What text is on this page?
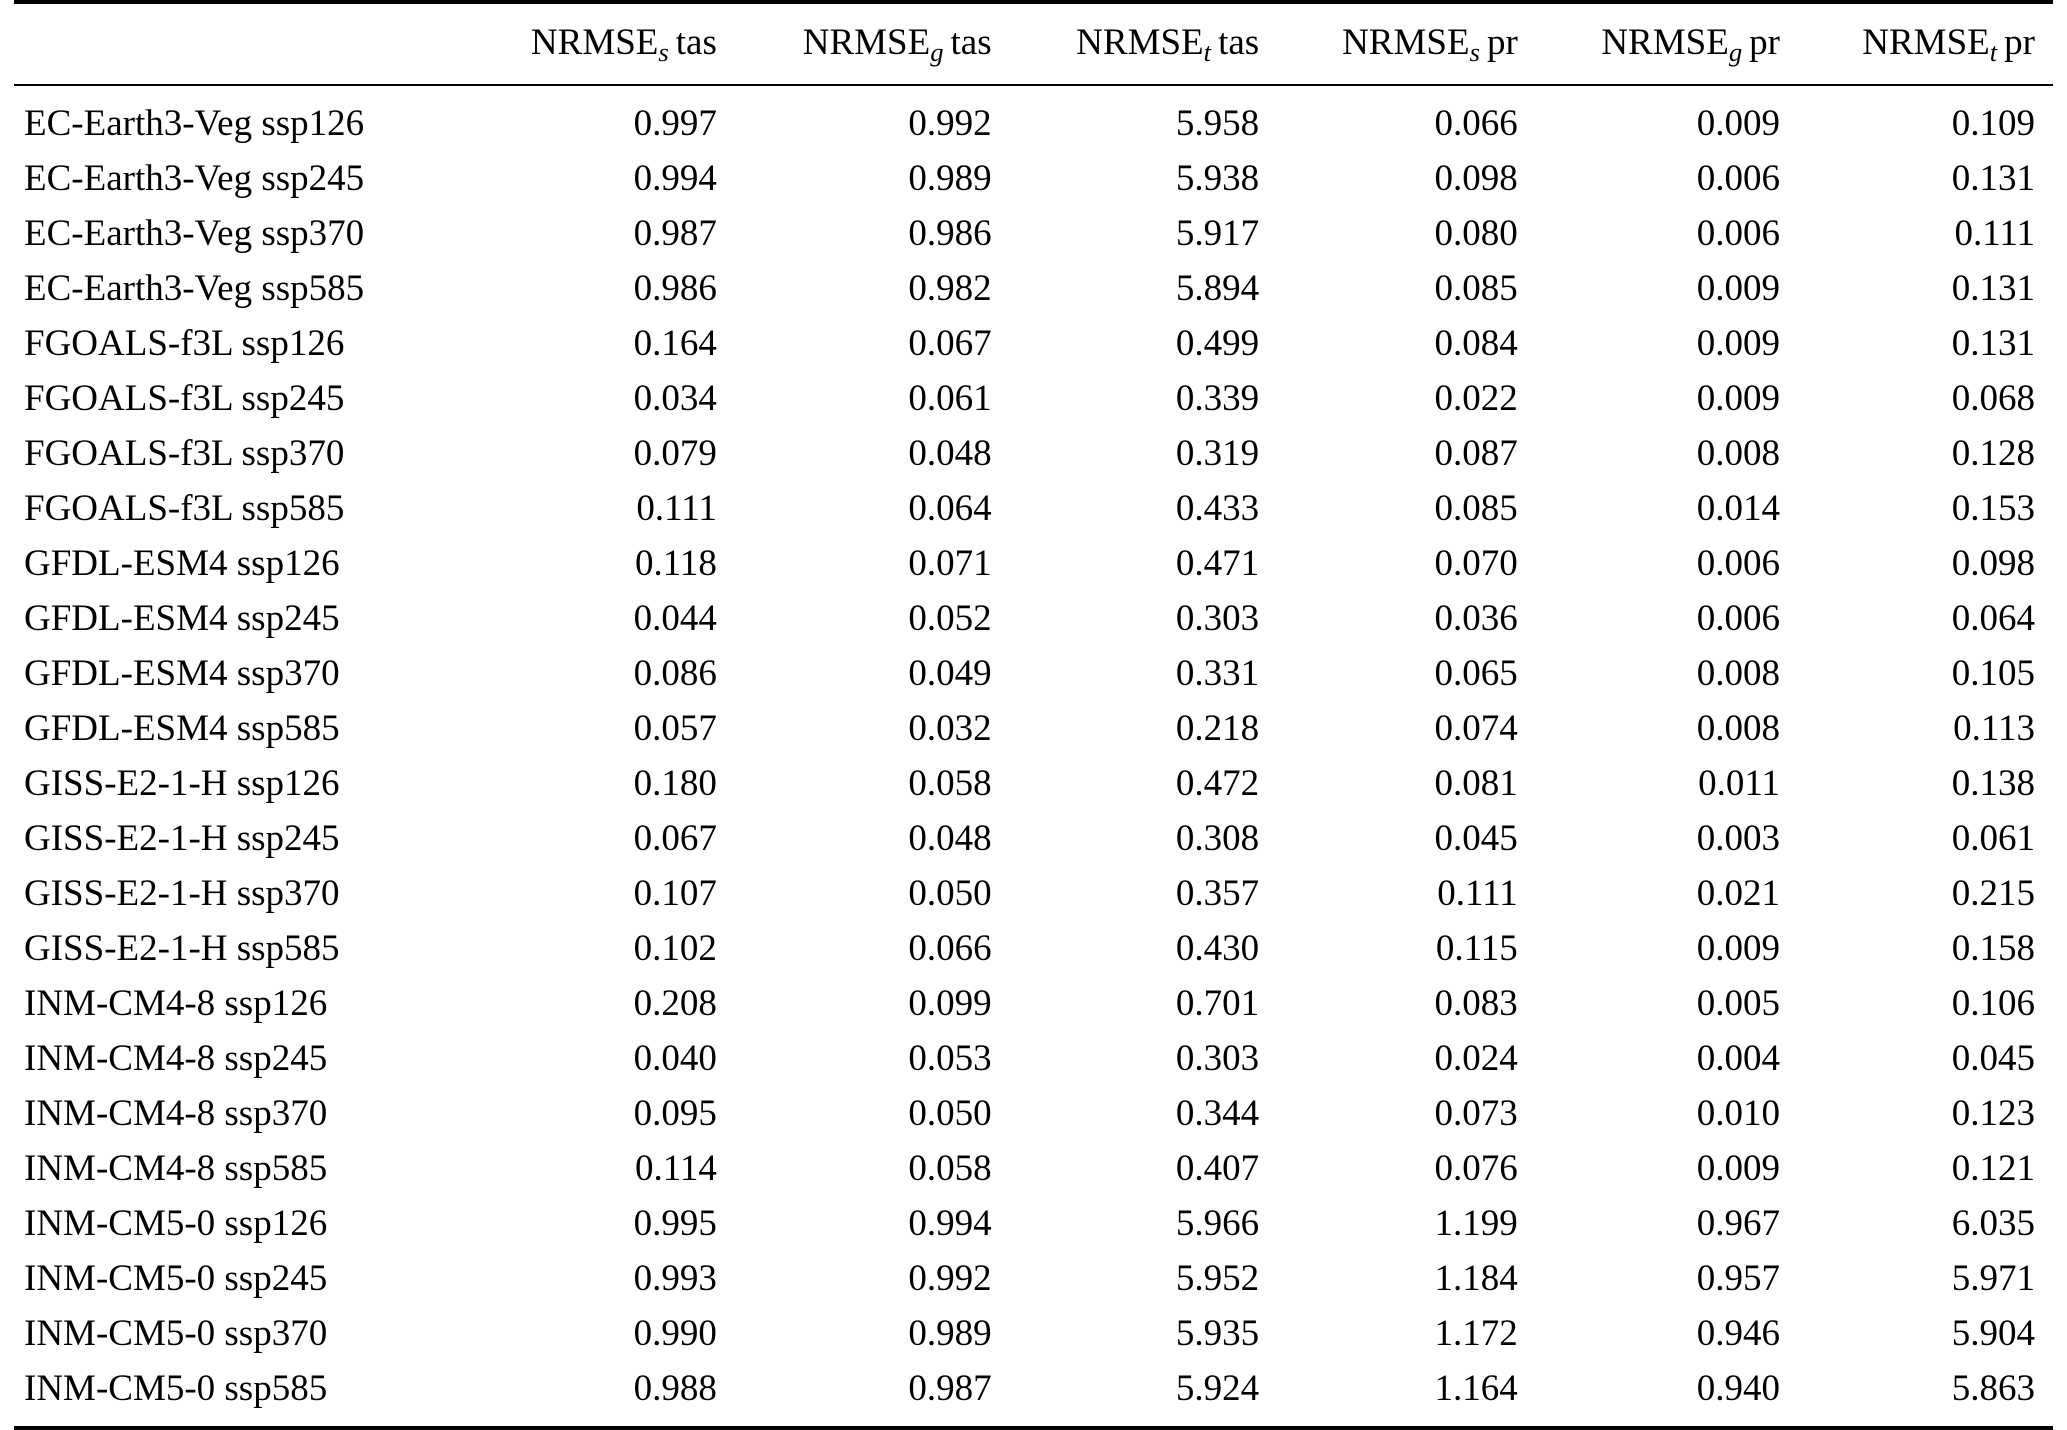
	$NRMSE_s$ tas	$NRMSE_g$ tas	$NRMSE_t$ tas	$NRMSE_s$ pr	$NRMSE_g$ pr	$NRMSE_t$ pr

EC-Earth3-Veg ssp126	0.997	0.992	5.958	0.066	0.009	0.109
EC-Earth3-Veg ssp245	0.994	0.989	5.938	0.098	0.006	0.131
EC-Earth3-Veg ssp370	0.987	0.986	5.917	0.080	0.006	0.111
EC-Earth3-Veg ssp585	0.986	0.982	5.894	0.085	0.009	0.131
FGOALS-f3L ssp126	0.164	0.067	0.499	0.084	0.009	0.131
FGOALS-f3L ssp245	0.034	0.061	0.339	0.022	0.009	0.068
FGOALS-f3L ssp370	0.079	0.048	0.319	0.087	0.008	0.128
FGOALS-f3L ssp585	0.111	0.064	0.433	0.085	0.014	0.153
GFDL-ESM4 ssp126	0.118	0.071	0.471	0.070	0.006	0.098
GFDL-ESM4 ssp245	0.044	0.052	0.303	0.036	0.006	0.064
GFDL-ESM4 ssp370	0.086	0.049	0.331	0.065	0.008	0.105
GFDL-ESM4 ssp585	0.057	0.032	0.218	0.074	0.008	0.113
GISS-E2-1-H ssp126	0.180	0.058	0.472	0.081	0.011	0.138
GISS-E2-1-H ssp245	0.067	0.048	0.308	0.045	0.003	0.061
GISS-E2-1-H ssp370	0.107	0.050	0.357	0.111	0.021	0.215
GISS-E2-1-H ssp585	0.102	0.066	0.430	0.115	0.009	0.158
INM-CM4-8 ssp126	0.208	0.099	0.701	0.083	0.005	0.106
INM-CM4-8 ssp245	0.040	0.053	0.303	0.024	0.004	0.045
INM-CM4-8 ssp370	0.095	0.050	0.344	0.073	0.010	0.123
INM-CM4-8 ssp585	0.114	0.058	0.407	0.076	0.009	0.121
INM-CM5-0 ssp126	0.995	0.994	5.966	1.199	0.967	6.035
INM-CM5-0 ssp245	0.993	0.992	5.952	1.184	0.957	5.971
INM-CM5-0 ssp370	0.990	0.989	5.935	1.172	0.946	5.904
INM-CM5-0 ssp585	0.988	0.987	5.924	1.164	0.940	5.863
